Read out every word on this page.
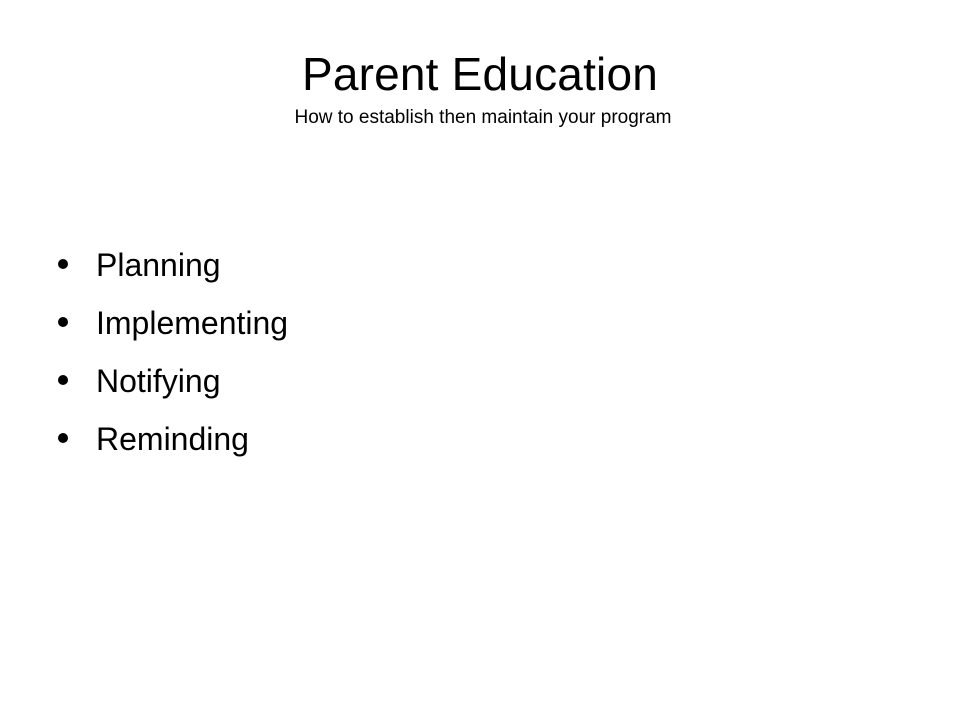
Parent Education
How to establish then maintain your program
Planning
Implementing
Notifying
Reminding
